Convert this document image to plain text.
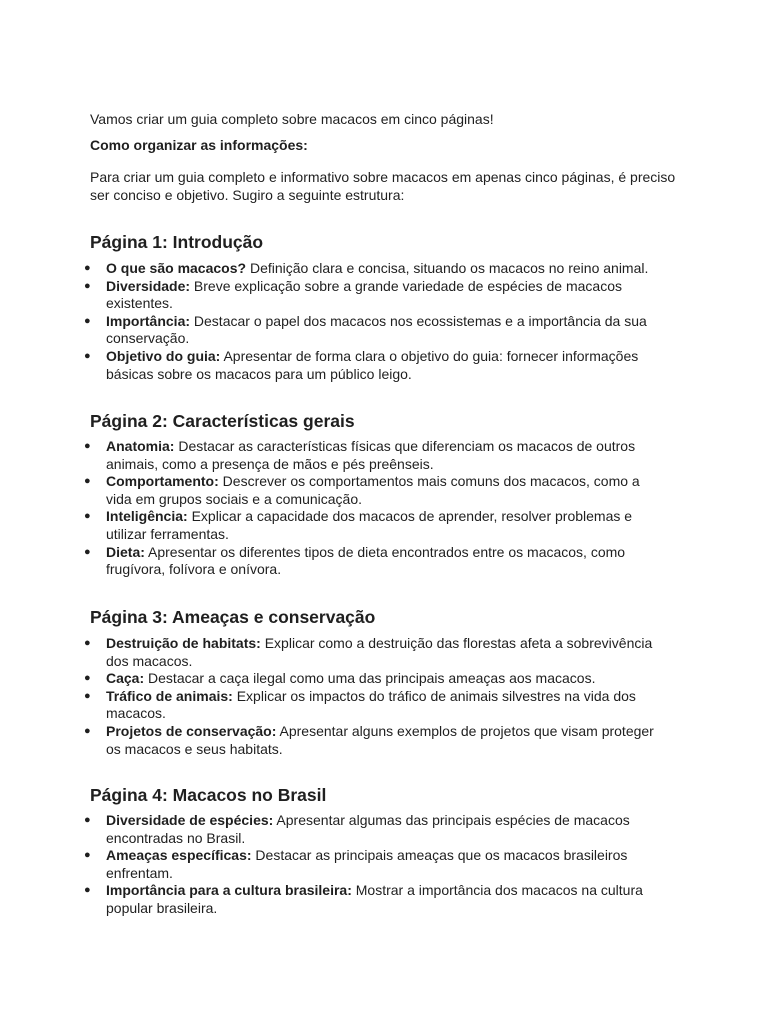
Vamos criar um guia completo sobre macacos em cinco páginas!

Como organizar as informações:

Para criar um guia completo e informativo sobre macacos em apenas cinco páginas, é preciso ser conciso e objetivo. Sugiro a seguinte estrutura:

Página 1: Introdução
● O que são macacos? Definição clara e concisa, situando os macacos no reino animal.
● Diversidade: Breve explicação sobre a grande variedade de espécies de macacos existentes.
● Importância: Destacar o papel dos macacos nos ecossistemas e a importância da sua conservação.
● Objetivo do guia: Apresentar de forma clara o objetivo do guia: fornecer informações básicas sobre os macacos para um público leigo.
Página 2: Características gerais
● Anatomia: Destacar as características físicas que diferenciam os macacos de outros animais, como a presença de mãos e pés preênseis.
● Comportamento: Descrever os comportamentos mais comuns dos macacos, como a vida em grupos sociais e a comunicação.
● Inteligência: Explicar a capacidade dos macacos de aprender, resolver problemas e utilizar ferramentas.
● Dieta: Apresentar os diferentes tipos de dieta encontrados entre os macacos, como frugívora, folívora e onívora.
Página 3: Ameaças e conservação
● Destruição de habitats: Explicar como a destruição das florestas afeta a sobrevivência dos macacos.
● Caça: Destacar a caça ilegal como uma das principais ameaças aos macacos.
● Tráfico de animais: Explicar os impactos do tráfico de animais silvestres na vida dos macacos.
● Projetos de conservação: Apresentar alguns exemplos de projetos que visam proteger os macacos e seus habitats.
Página 4: Macacos no Brasil
● Diversidade de espécies: Apresentar algumas das principais espécies de macacos encontradas no Brasil.
● Ameaças específicas: Destacar as principais ameaças que os macacos brasileiros enfrentam.
● Importância para a cultura brasileira: Mostrar a importância dos macacos na cultura popular brasileira.
